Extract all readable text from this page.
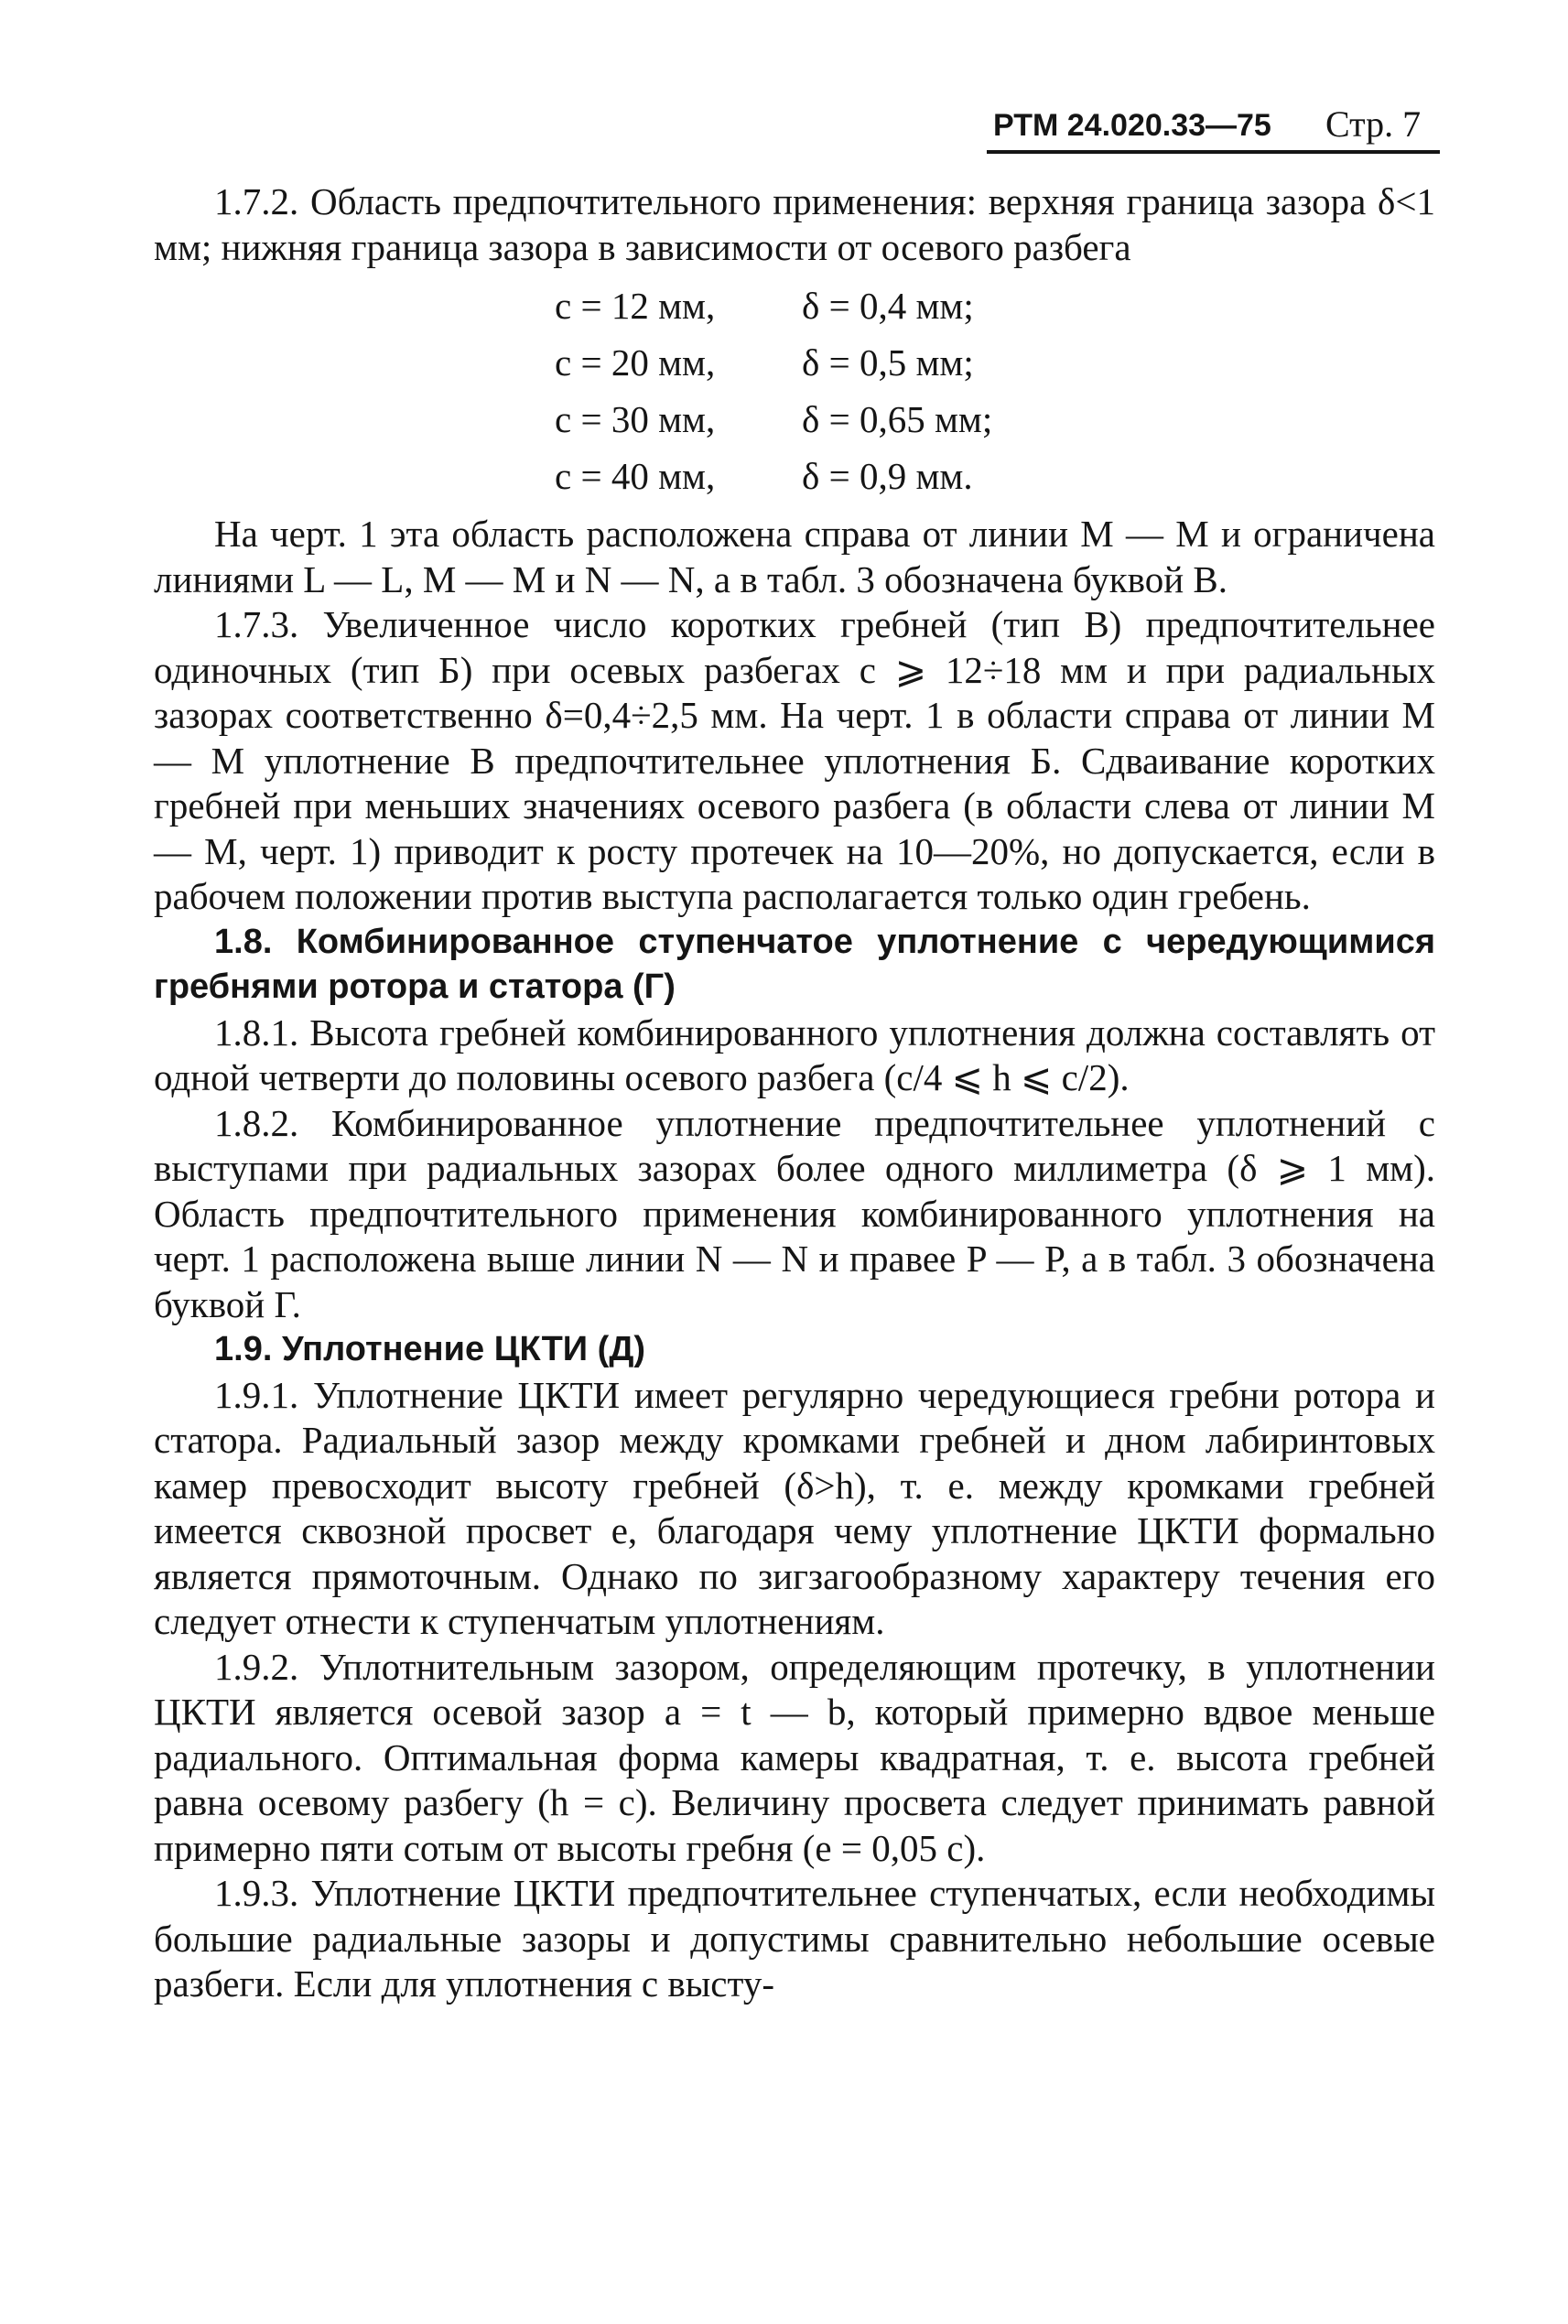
РТМ 24.020.33—75 Стр. 7

1.7.2. Область предпочтительного применения: верхняя граница зазора δ<1 мм; нижняя граница зазора в зависимости от осевого разбега

c = 12 мм, δ = 0,4 мм;
c = 20 мм, δ = 0,5 мм;
c = 30 мм, δ = 0,65 мм;
c = 40 мм, δ = 0,9 мм.

На черт. 1 эта область расположена справа от линии M — M и ограничена линиями L — L, M — M и N — N, а в табл. 3 обозначена буквой B.

1.7.3. Увеличенное число коротких гребней (тип B) предпочтительнее одиночных (тип Б) при осевых разбегах c ⩾ 12÷18 мм и при радиальных зазорах соответственно δ=0,4÷2,5 мм. На черт. 1 в области справа от линии M — M уплотнение B предпочтительнее уплотнения Б. Сдваивание коротких гребней при меньших значениях осевого разбега (в области слева от линии M — M, черт. 1) приводит к росту протечек на 10—20%, но допускается, если в рабочем положении против выступа располагается только один гребень.

1.8. Комбинированное ступенчатое уплотнение с чередующимися гребнями ротора и статора (Г)

1.8.1. Высота гребней комбинированного уплотнения должна составлять от одной четверти до половины осевого разбега (c/4 ⩽ h ⩽ c/2).

1.8.2. Комбинированное уплотнение предпочтительнее уплотнений с выступами при радиальных зазорах более одного миллиметра (δ ⩾ 1 мм). Область предпочтительного применения комбинированного уплотнения на черт. 1 расположена выше линии N — N и правее P — P, а в табл. 3 обозначена буквой Г.

1.9. Уплотнение ЦКТИ (Д)

1.9.1. Уплотнение ЦКТИ имеет регулярно чередующиеся гребни ротора и статора. Радиальный зазор между кромками гребней и дном лабиринтовых камер превосходит высоту гребней (δ>h), т. е. между кромками гребней имеется сквозной просвет e, благодаря чему уплотнение ЦКТИ формально является прямоточным. Однако по зигзагообразному характеру течения его следует отнести к ступенчатым уплотнениям.

1.9.2. Уплотнительным зазором, определяющим протечку, в уплотнении ЦКТИ является осевой зазор a = t — b, который примерно вдвое меньше радиального. Оптимальная форма камеры квадратная, т. е. высота гребней равна осевому разбегу (h = c). Величину просвета следует принимать равной примерно пяти сотым от высоты гребня (e = 0,05 c).

1.9.3. Уплотнение ЦКТИ предпочтительнее ступенчатых, если необходимы большие радиальные зазоры и допустимы сравнительно небольшие осевые разбеги. Если для уплотнения с высту-
